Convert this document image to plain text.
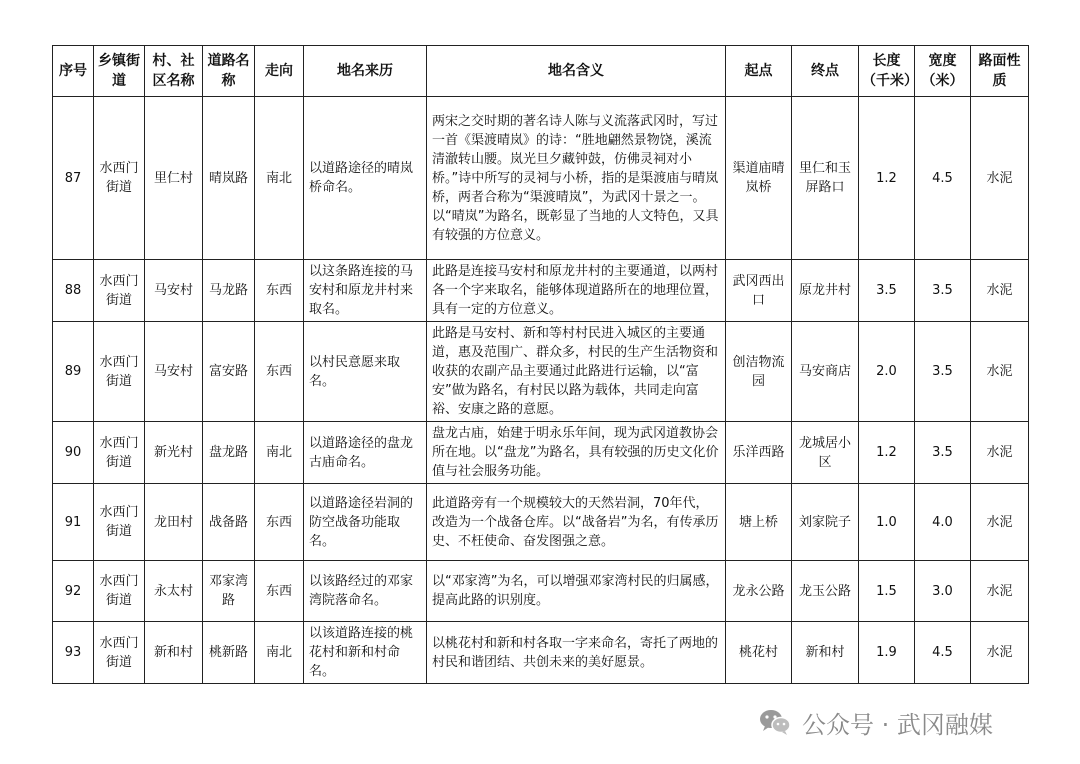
序号	乡镇街道	村、社区名称	道路名称	走向	地名来历	地名含义	起点	终点	长度（千米）	宽度（米）	路面性质
87	水西门街道	里仁村	晴岚路	南北	以道路途径的晴岚桥命名。	两宋之交时期的著名诗人陈与义流落武冈时，写过一首《渠渡晴岚》的诗：“胜地翩然景物饶，溪流清澈转山腰。岚光旦夕藏钟鼓，仿佛灵祠对小桥。”诗中所写的灵祠与小桥，指的是渠渡庙与晴岚桥，两者合称为“渠渡晴岚”，为武冈十景之一。以“晴岚”为路名，既彰显了当地的人文特色，又具有较强的方位意义。	渠道庙晴岚桥	里仁和玉屏路口	1.2	4.5	水泥
88	水西门街道	马安村	马龙路	东西	以这条路连接的马安村和原龙井村来取名。	此路是连接马安村和原龙井村的主要通道，以两村各一个字来取名，能够体现道路所在的地理位置，具有一定的方位意义。	武冈西出口	原龙井村	3.5	3.5	水泥
89	水西门街道	马安村	富安路	东西	以村民意愿来取名。	此路是马安村、新和等村村民进入城区的主要通道，惠及范围广、群众多，村民的生产生活物资和收获的农副产品主要通过此路进行运输，以“富安”做为路名，有村民以路为载体，共同走向富裕、安康之路的意愿。	创洁物流园	马安商店	2.0	3.5	水泥
90	水西门街道	新光村	盘龙路	南北	以道路途径的盘龙古庙命名。	盘龙古庙，始建于明永乐年间，现为武冈道教协会所在地。以“盘龙”为路名，具有较强的历史文化价值与社会服务功能。	乐洋西路	龙城居小区	1.2	3.5	水泥
91	水西门街道	龙田村	战备路	东西	以道路途径岩洞的防空战备功能取名。	此道路旁有一个规模较大的天然岩洞，70年代，改造为一个战备仓库。以“战备岩”为名，有传承历史、不枉使命、奋发图强之意。	塘上桥	刘家院子	1.0	4.0	水泥
92	水西门街道	永太村	邓家湾路	东西	以该路经过的邓家湾院落命名。	以“邓家湾”为名，可以增强邓家湾村民的归属感，提高此路的识别度。	龙永公路	龙玉公路	1.5	3.0	水泥
93	水西门街道	新和村	桃新路	南北	以该道路连接的桃花村和新和村命名。	以桃花村和新和村各取一字来命名，寄托了两地的村民和谐团结、共创未来的美好愿景。	桃花村	新和村	1.9	4.5	水泥
公众号 · 武冈融媒
